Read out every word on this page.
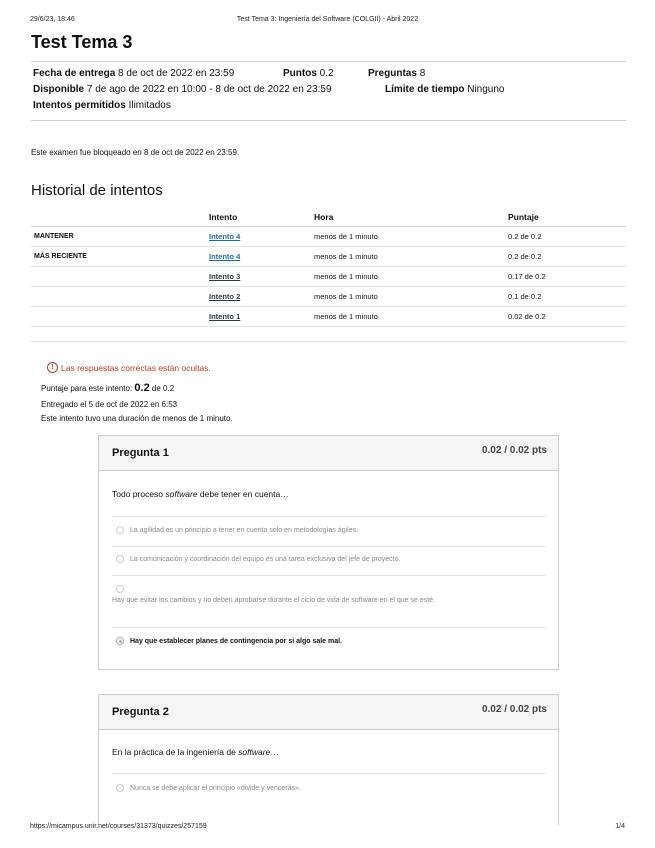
29/6/23, 18:46	Test Tema 3: Ingeniería del Software (COLGII) - Abril 2022
Test Tema 3
Fecha de entrega 8 de oct de 2022 en 23:59	Puntos 0.2	Preguntas 8
Disponible 7 de ago de 2022 en 10:00 - 8 de oct de 2022 en 23:59	Límite de tiempo Ninguno
Intentos permitidos Ilimitados
Este examen fue bloqueado en 8 de oct de 2022 en 23:59.
Historial de intentos
	Intento	Hora	Puntaje
MANTENER	Intento 4	menos de 1 minuto	0.2 de 0.2
MÁS RECIENTE	Intento 4	menos de 1 minuto	0.2 de 0.2
	Intento 3	menos de 1 minuto	0.17 de 0.2
	Intento 2	menos de 1 minuto	0.1 de 0.2
	Intento 1	menos de 1 minuto	0.02 de 0.2
! Las respuestas correctas están ocultas.
Puntaje para este intento: 0.2 de 0.2
Entregado el 5 de oct de 2022 en 6:53
Este intento tuvo una duración de menos de 1 minuto.
Pregunta 1	0.02 / 0.02 pts
Todo proceso software debe tener en cuenta…
La agilidad es un principio a tener en cuenta solo en metodologías ágiles.
La comunicación y coordinación del equipo es una tarea exclusiva del jefe de proyecto.
Hay que evitar los cambios y no deben aprobarse durante el ciclo de vida de software en el que se esté.
Hay que establecer planes de contingencia por si algo sale mal.
Pregunta 2	0.02 / 0.02 pts
En la práctica de la ingeniería de software…
Nunca se debe aplicar el principio «divide y vencerás».
https://micampus.unir.net/courses/31373/quizzes/257159	1/4
